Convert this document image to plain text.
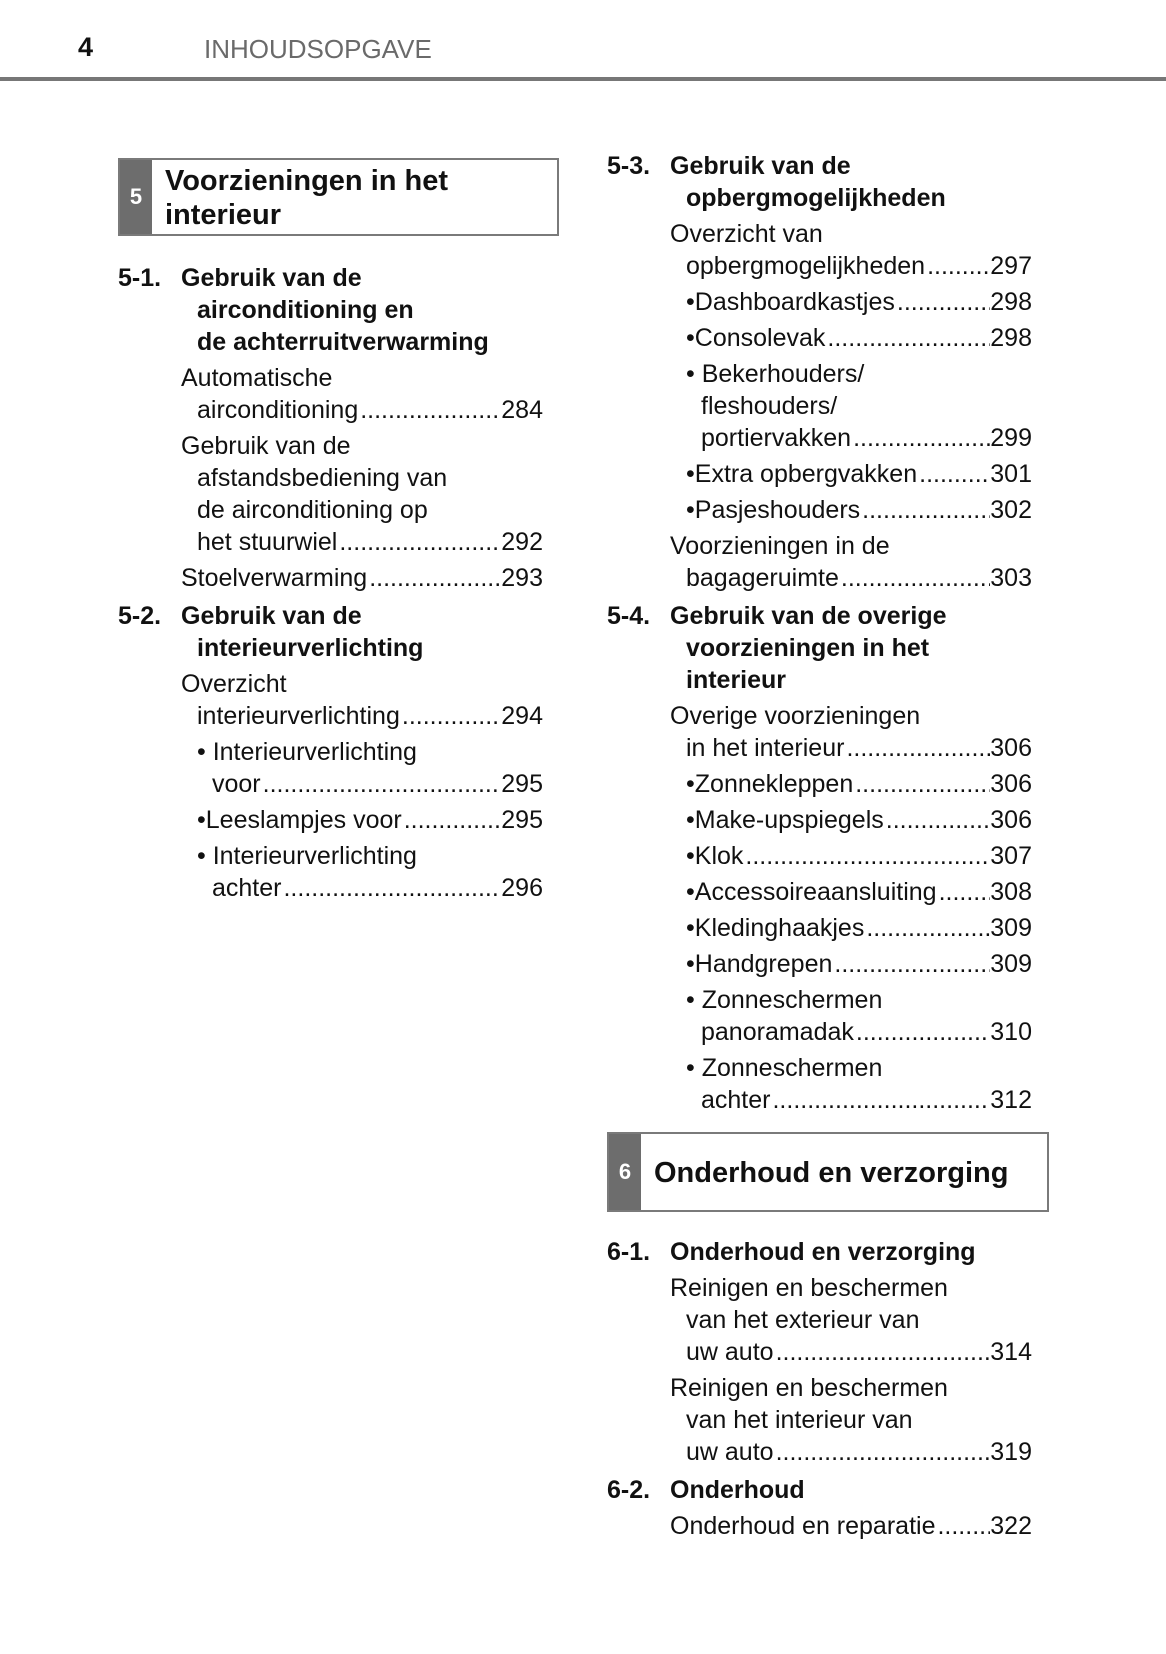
4	INHOUDSOPGAVE
5 Voorzieningen in het
interieur
5-1. Gebruik van de
airconditioning en
de achterruitverwarming
Automatische
airconditioning .....	284
Gebruik van de
afstandsbediening van
de airconditioning op
het stuurwiel .....	292
Stoelverwarming .....	293
5-2. Gebruik van de
interieurverlichting
Overzicht
interieurverlichting .....	294
• Interieurverlichting
voor .....	295
• Leeslampjes voor .....	295
• Interieurverlichting
achter .....	296
5-3. Gebruik van de
opbergmogelijkheden
Overzicht van
opbergmogelijkheden .....	297
• Dashboardkastjes .....	298
• Consolevak .....	298
• Bekerhouders/
fleshouders/
portiervakken .....	299
• Extra opbergvakken .....	301
• Pasjeshouders .....	302
Voorzieningen in de
bagageruimte .....	303
5-4. Gebruik van de overige
voorzieningen in het
interieur
Overige voorzieningen
in het interieur .....	306
• Zonnekleppen .....	306
• Make-upspiegels .....	306
• Klok .....	307
• Accessoireaansluiting ..... 308
• Kledinghaakjes .....	309
• Handgrepen .....	309
• Zonneschermen
panoramadak .....	310
• Zonneschermen
achter .....	312
6 Onderhoud en verzorging
6-1. Onderhoud en verzorging
Reinigen en beschermen
van het exterieur van
uw auto .....	314
Reinigen en beschermen
van het interieur van
uw auto .....	319
6-2. Onderhoud
Onderhoud en reparatie ..... 322
